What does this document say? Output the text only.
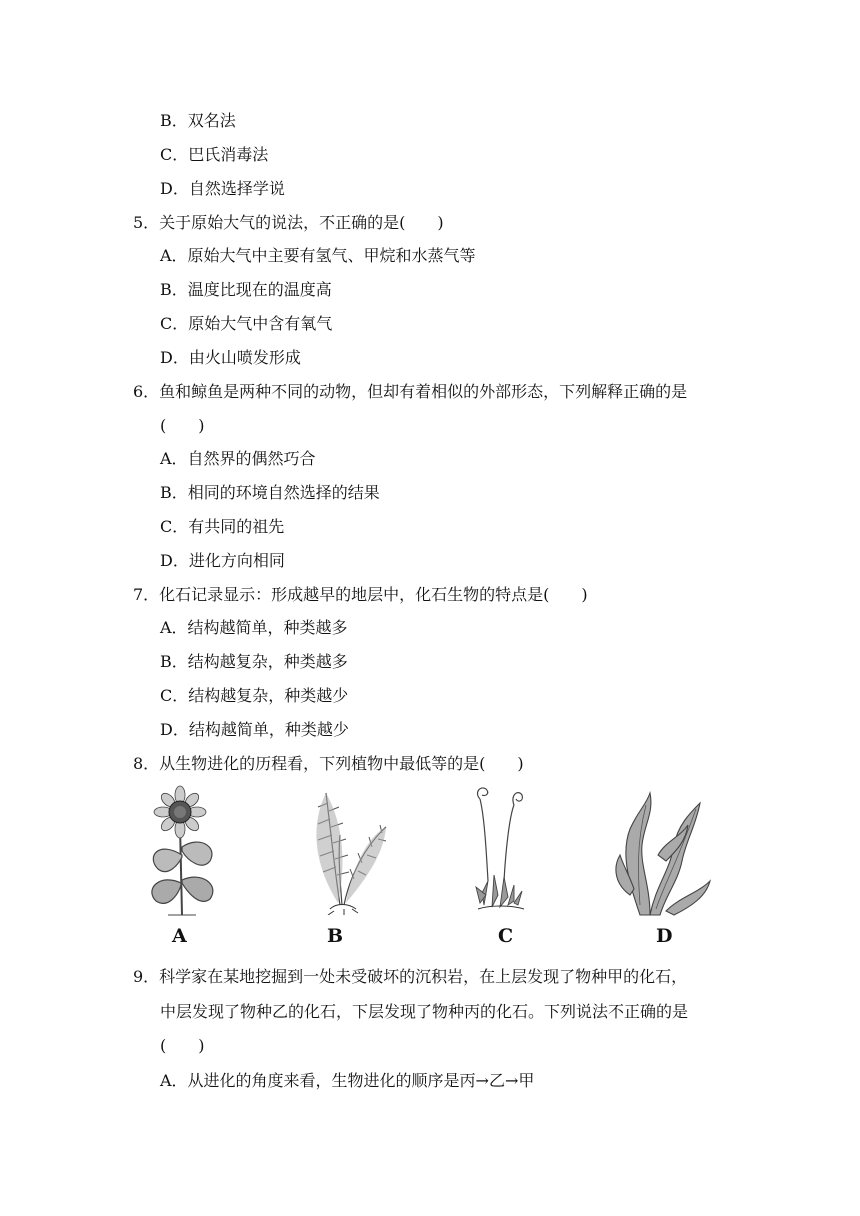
B．双名法
C．巴氏消毒法
D．自然选择学说
5．关于原始大气的说法，不正确的是(　　)
A．原始大气中主要有氢气、甲烷和水蒸气等
B．温度比现在的温度高
C．原始大气中含有氧气
D．由火山喷发形成
6．鱼和鲸鱼是两种不同的动物，但却有着相似的外部形态，下列解释正确的是
(　　)
A．自然界的偶然巧合
B．相同的环境自然选择的结果
C．有共同的祖先
D．进化方向相同
7．化石记录显示：形成越早的地层中，化石生物的特点是(　　)
A．结构越简单，种类越多
B．结构越复杂，种类越多
C．结构越复杂，种类越少
D．结构越简单，种类越少
8．从生物进化的历程看，下列植物中最低等的是(　　)
A	B	C	D
9．科学家在某地挖掘到一处未受破坏的沉积岩，在上层发现了物种甲的化石，
中层发现了物种乙的化石，下层发现了物种丙的化石。下列说法不正确的是
(　　)
A．从进化的角度来看，生物进化的顺序是丙→乙→甲
